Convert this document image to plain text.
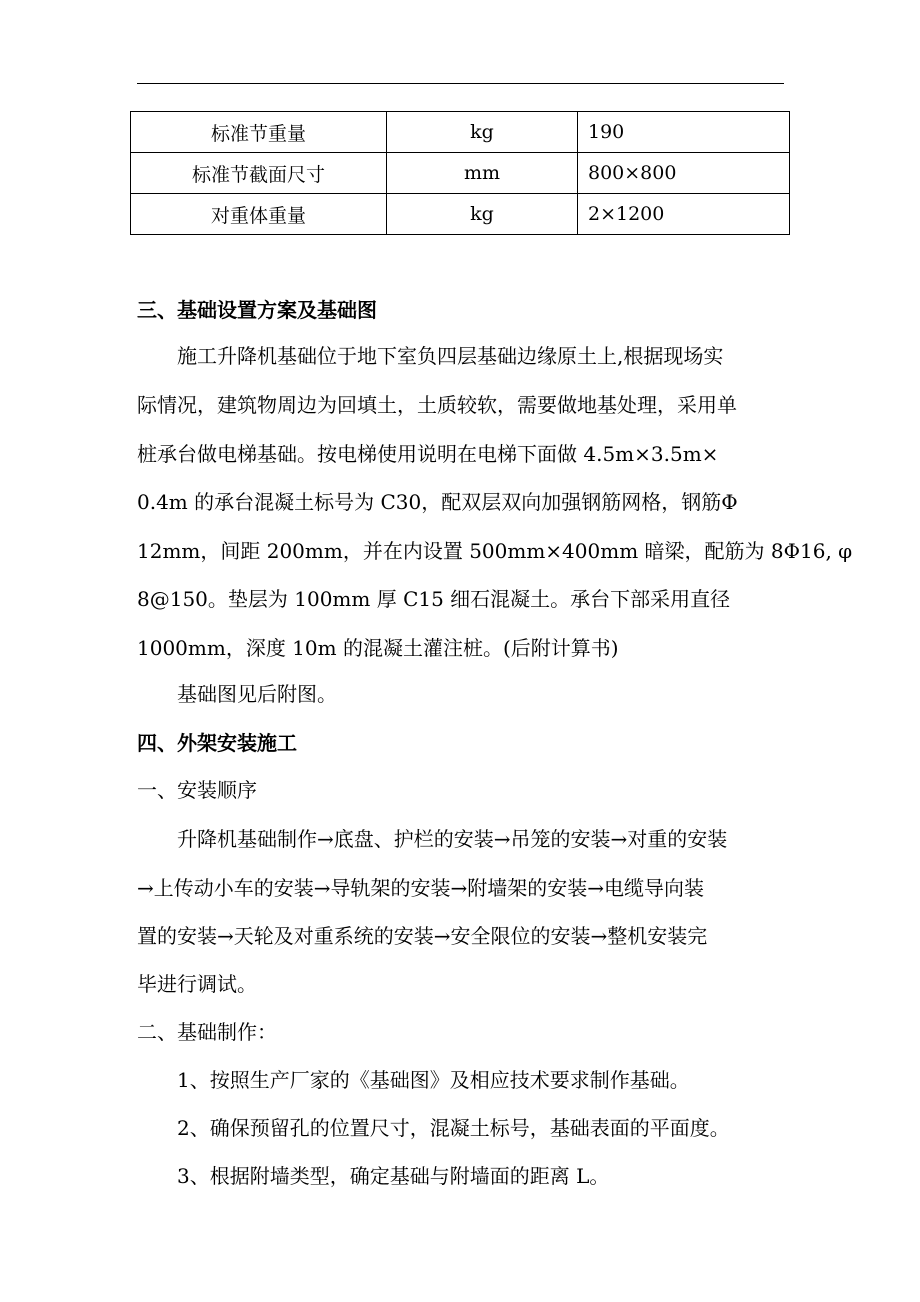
标准节重量	kg	190
标准节截面尺寸	mm	800×800
对重体重量	kg	2×1200
三、基础设置方案及基础图
施工升降机基础位于地下室负四层基础边缘原土上,根据现场实
际情况，建筑物周边为回填土，土质较软，需要做地基处理，采用单
桩承台做电梯基础。按电梯使用说明在电梯下面做 4.5m×3.5m×
0.4m 的承台混凝土标号为 C30，配双层双向加强钢筋网格，钢筋Φ
12mm，间距 200mm，并在内设置 500mm×400mm 暗梁，配筋为 8Φ16, φ
8@150。垫层为 100mm 厚 C15 细石混凝土。承台下部采用直径
1000mm，深度 10m 的混凝土灌注桩。(后附计算书)
基础图见后附图。
四、外架安装施工
一、安装顺序
升降机基础制作→底盘、护栏的安装→吊笼的安装→对重的安装
→上传动小车的安装→导轨架的安装→附墙架的安装→电缆导向装
置的安装→天轮及对重系统的安装→安全限位的安装→整机安装完
毕进行调试。
二、基础制作：
1、按照生产厂家的《基础图》及相应技术要求制作基础。
2、确保预留孔的位置尺寸，混凝土标号，基础表面的平面度。
3、根据附墙类型，确定基础与附墙面的距离 L。
